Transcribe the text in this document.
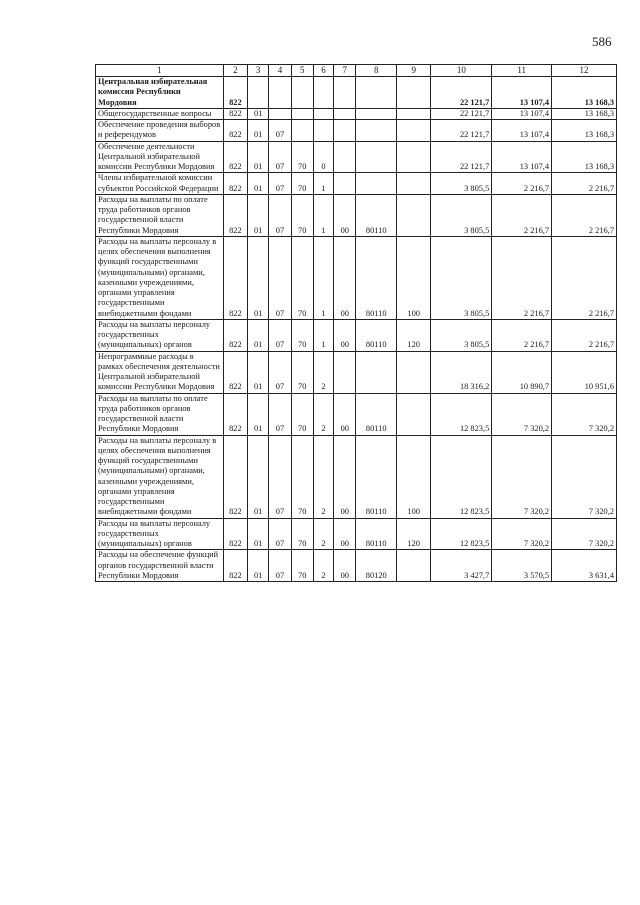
586
1	2	3	4	5	6	7	8	9	10	11	12
Центральная избирательная комиссия Республики Мордовия	822								22 121,7	13 107,4	13 168,3
Общегосударственные вопросы	822	01							22 121,7	13 107,4	13 168,3
Обеспечение проведения выборов и референдумов	822	01	07						22 121,7	13 107,4	13 168,3
Обеспечение деятельности Центральной избирательной комиссии Республики Мордовия	822	01	07	70	0				22 121,7	13 107,4	13 168,3
Члены избирательной комиссии субъектов Российской Федерации	822	01	07	70	1				3 805,5	2 216,7	2 216,7
Расходы на выплаты по оплате труда работников органов государственной власти Республики Мордовия	822	01	07	70	1	00	80110		3 805,5	2 216,7	2 216,7
Расходы на выплаты персоналу в целях обеспечения выполнения функций государственными (муниципальными) органами, казенными учреждениями, органами управления государственными внебюджетными фондами	822	01	07	70	1	00	80110	100	3 805,5	2 216,7	2 216,7
Расходы на выплаты персоналу государственных (муниципальных) органов	822	01	07	70	1	00	80110	120	3 805,5	2 216,7	2 216,7
Непрограммные расходы в рамках обеспечения деятельности Центральной избирательной комиссии Республики Мордовия	822	01	07	70	2				18 316,2	10 890,7	10 951,6
Расходы на выплаты по оплате труда работников органов государственной власти Республики Мордовия	822	01	07	70	2	00	80110		12 823,5	7 320,2	7 320,2
Расходы на выплаты персоналу в целях обеспечения выполнения функций государственными (муниципальными) органами, казенными учреждениями, органами управления государственными внебюджетными фондами	822	01	07	70	2	00	80110	100	12 823,5	7 320,2	7 320,2
Расходы на выплаты персоналу государственных (муниципальных) органов	822	01	07	70	2	00	80110	120	12 823,5	7 320,2	7 320,2
Расходы на обеспечение функций органов государственной власти Республики Мордовия	822	01	07	70	2	00	80120		3 427,7	3 570,5	3 631,4
